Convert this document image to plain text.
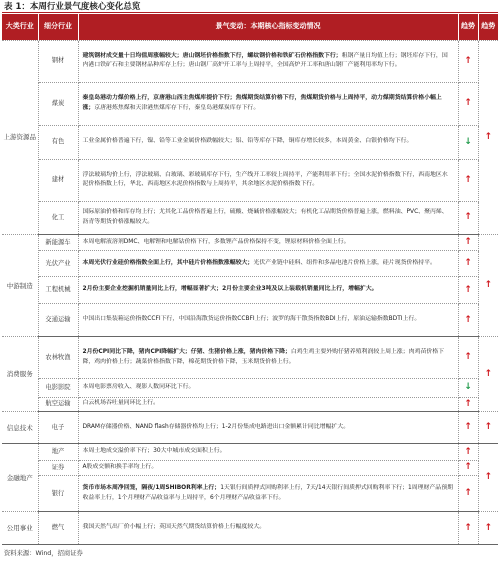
表 1：本周行业景气度核心变化总览
大类行业	细分行业	景气变动：本期核心指标变动情况	趋势	趋势
上游资源品	钢材	建筑钢材成交量十日均值周涨幅较大；唐山钢坯价格指数下行，螺纹钢价格和铁矿石价格指数下行；粗钢产量日均值上行；钢坯库存下行，国内港口铁矿石和主要钢材品种库存上行；唐山钢厂高炉开工率与上周持平，全国高炉开工率和唐山钢厂产能利用率均下行。	↑	↑
	煤炭	秦皇岛港动力煤价格上行，京唐港山西主焦煤库提价下行；焦煤期货结算价格下行，焦煤期货价格与上周持平，动力煤期货结算价格小幅上涨；京唐港炼焦煤和天津港焦煤库存下行，秦皇岛港煤炭库存下行。	↑	
	有色	工业金属价格普遍下行，镍、铅等工业金属价格跌幅较大；铝、铅等库存下降，铜库存增长较多，本周黄金、白银价格均下行。	↓	
	建材	浮法玻璃均价上行，浮法玻璃、白玻璃、彩玻璃库存下行，生产线开工率较上周持平，产能利用率下行；全国水泥价格指数下行，西南地区水泥价格指数上行，华北、西南地区水泥价格指数与上周持平，其余地区水泥价格指数下行。	↑	
	化工	国际原油价格和库存均上行；尤其化工品价格普遍上行，硫酸、烧碱价格涨幅较大；有机化工品期货价格普遍上涨，燃料油、PVC、聚丙烯、沥青等期货价格涨幅较大。	↑	
中游制造	新能源车	本周电解液溶剂DMC、电解锂和电解钴价格下行，多数锂产品价格保持不变，锂原材料价格全面上行。	↑	↑
	光伏产业	本周光伏行业硅价格指数全面上行，其中硅片价格指数涨幅较大；光伏产业链中硅料、组件和多晶电池片价格上涨，硅片现货价格持平。	↑	
	工程机械	2月份主要企业挖掘机销量同比上行，增幅显著扩大；2月份主要企业3吨及以上装载机销量同比上行，增幅扩大。	↑	
	交通运输	中国出口集装箱运价指数CCFI下行，中国沿海散货运价指数CCBFI上行；波罗的海干散货指数BDI上行，原油运输指数BDTI上行。	↑	
消费服务	农林牧渔	2月份CPI同比下降，猪肉CPI降幅扩大；仔猪、生猪价格上涨，猪肉价格下降；白鸡生鸡主要外购仔猪养殖利润较上周上涨；肉鸡苗价格下降，鸡肉价格上行；蔬菜价格指数下降，棉花期货价格下降，玉米期货价格上行。	↑	↑
	电影影院	本周电影票房收入、观影人数同环比下行。	↓	
	航空运输	白云机场吞吐量同环比上行。	↑	
信息技术	电子	DRAM存储器价格、NAND flash存储器价格均上行；1-2月份集成电路进出口金额累计同比增幅扩大。	↑	↑
金融地产	地产	本周土地成交溢价率下行；30大中城市成交面积上行。	↑	↑
	证券	A股成交额和换手率均上行。	↑	
	银行	货币市场本周净回笼，隔夜/1周SHIBOR利率上行；1天银行间质押式回购利率上行，7天/14天银行间质押式回购利率下行；1周理财产品预期收益率上行，1个月理财产品收益率与上周持平，6个月理财产品收益率下行。	↑	
公用事业	燃气	我国天然气出厂价小幅上行；英国天然气期货结算价格上行幅度较大。	↑	↑
资料来源：Wind，招商证券
